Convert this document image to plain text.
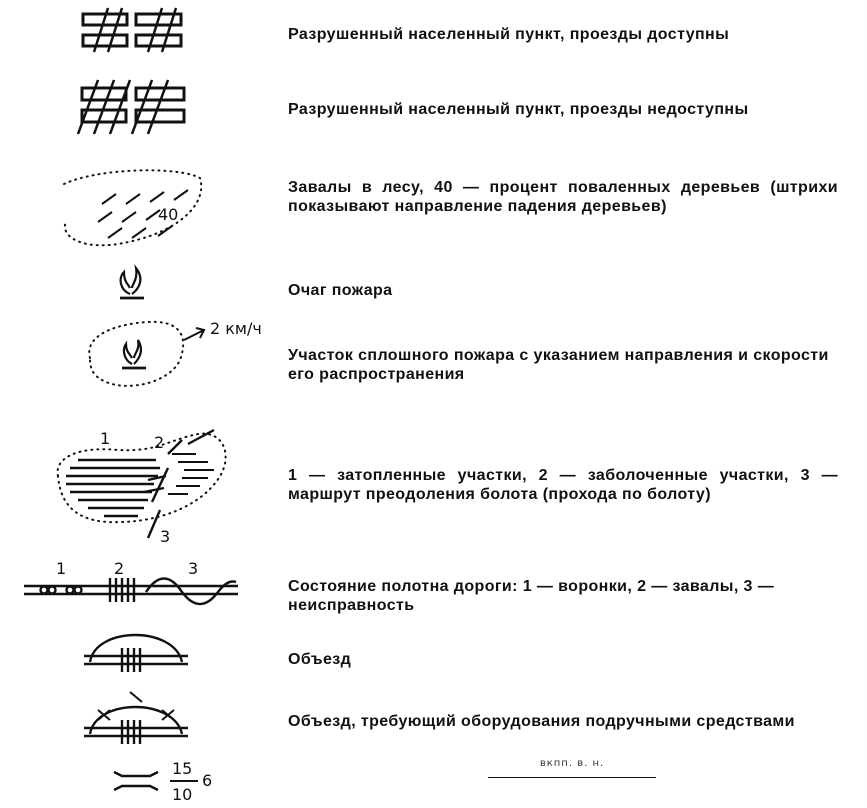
Разрушенный населенный пункт, проезды доступны

Разрушенный населенный пункт, проезды недоступны

40

Завалы в лесу, 40 — процент поваленных деревьев (штрихи показывают направление падения деревьев)

Очаг пожара

2 км/ч

Участок сплошного пожара с указанием направления и скорости его распространения

1	2
3

1 — затопленные участки, 2 — заболоченные участки, 3 — маршрут преодоления болота (прохода по болоту)

1	2	3

Состояние полотна дороги: 1 — воронки, 2 — завалы, 3 — неисправность

Объезд

Объезд, требующий оборудования подручными средствами

15
10
6
вкпп. в. н.
